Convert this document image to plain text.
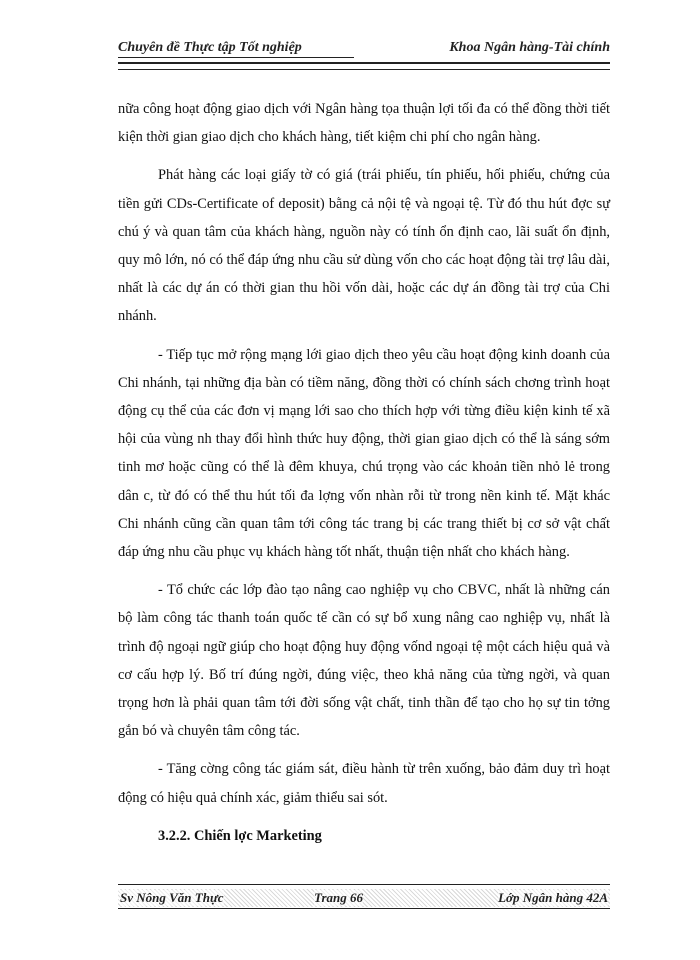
Chuyên đề Thực tập Tốt nghiệp	Khoa Ngân hàng-Tài chính

nữa công hoạt động giao dịch với Ngân hàng tọa thuận lợi tối đa có thể đồng thời tiết kiện thời gian giao dịch cho khách hàng, tiết kiệm chi phí cho ngân hàng.

Phát hàng các loại giấy tờ có giá (trái phiếu, tín phiếu, hối phiếu, chứng của tiền gửi CDs-Certificate of deposit) bằng cả nội tệ và ngoại tệ. Từ đó thu hút đợc sự chú ý và quan tâm của khách hàng, nguồn này có tính ổn định cao, lãi suất ổn định, quy mô lớn, nó có thể đáp ứng nhu cầu sử dùng vốn cho các hoạt động tài trợ lâu dài, nhất là các dự án có thời gian thu hồi vốn dài, hoặc các dự án đồng tài trợ của Chi nhánh.

- Tiếp tục mở rộng mạng lới giao dịch theo yêu cầu hoạt động kinh doanh của Chi nhánh, tại những địa bàn có tiềm năng, đồng thời có chính sách chơng trình hoạt động cụ thể của các đơn vị mạng lới sao cho thích hợp với từng điều kiện kinh tế xã hội của vùng nh thay đổi hình thức huy động, thời gian giao dịch có thể là sáng sớm tinh mơ hoặc cũng có thể là đêm khuya, chú trọng vào các khoản tiền nhỏ lẻ trong dân c, từ đó có thể thu hút tối đa lợng vốn nhàn rỗi từ trong nền kinh tế. Mặt khác Chi nhánh cũng cần quan tâm tới công tác trang bị các trang thiết bị cơ sở vật chất đáp ứng nhu cầu phục vụ khách hàng tốt nhất, thuận tiện nhất cho khách hàng.

- Tổ chức các lớp đào tạo nâng cao nghiệp vụ cho CBVC, nhất là những cán bộ làm công tác thanh toán quốc tế cần có sự bổ xung nâng cao nghiệp vụ, nhất là trình độ ngoại ngữ giúp cho hoạt động huy động vốnd ngoại tệ một cách hiệu quả và cơ cấu hợp lý. Bố trí đúng ngời, đúng việc, theo khả năng của từng ngời, và quan trọng hơn là phải quan tâm tới đời sống vật chất, tinh thần để tạo cho họ sự tin tởng gắn bó và chuyên tâm công tác.

- Tăng cờng công tác giám sát, điều hành từ trên xuống, bảo đảm duy trì hoạt động có hiệu quả chính xác, giảm thiểu sai sót.

3.2.2. Chiến lợc Marketing
Sv Nông Văn Thực	Trang 66	Lớp Ngân hàng 42A
